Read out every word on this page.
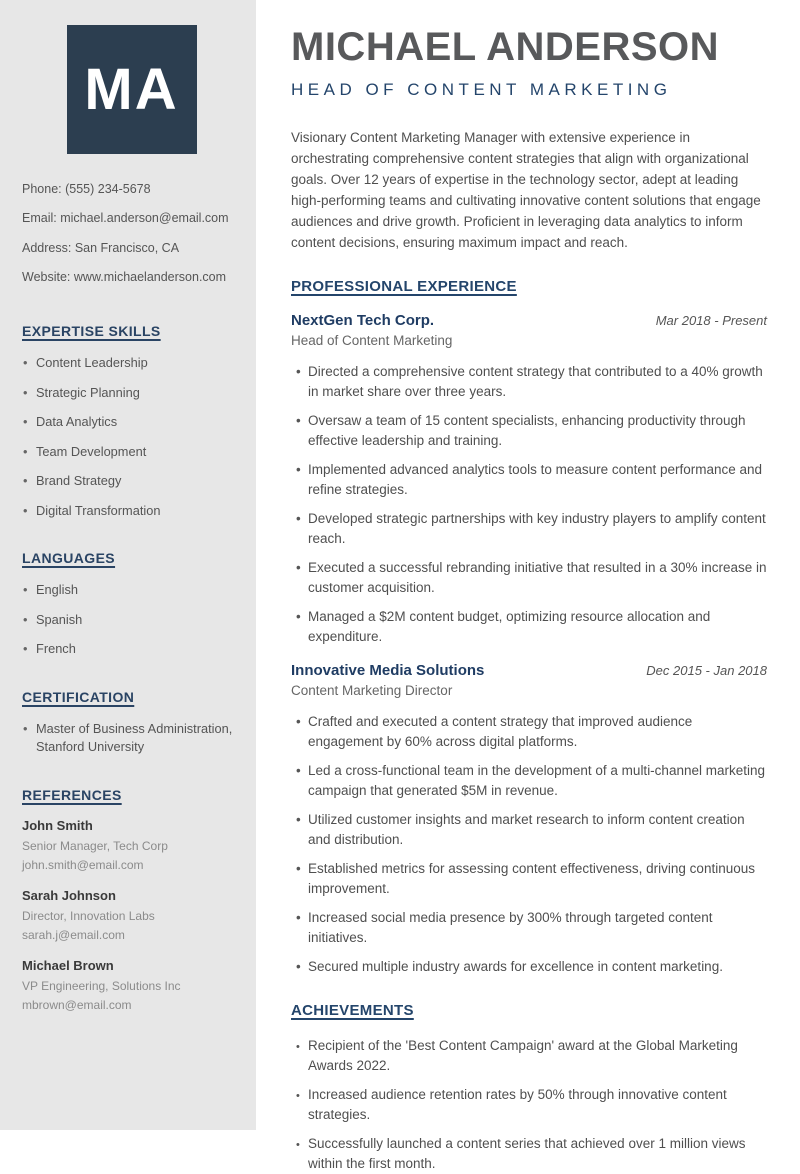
MA
Phone: (555) 234-5678
Email: michael.anderson@email.com
Address: San Francisco, CA
Website: www.michaelanderson.com
EXPERTISE SKILLS
• Content Leadership
• Strategic Planning
• Data Analytics
• Team Development
• Brand Strategy
• Digital Transformation
LANGUAGES
• English
• Spanish
• French
CERTIFICATION
• Master of Business Administration, Stanford University
REFERENCES

John Smith

Senior Manager, Tech Corp
john.smith@email.com

Sarah Johnson

Director, Innovation Labs
sarah.j@email.com

Michael Brown

VP Engineering, Solutions Inc
mbrown@email.com
MICHAEL ANDERSON
HEAD OF CONTENT MARKETING

Visionary Content Marketing Manager with extensive experience in orchestrating comprehensive content strategies that align with organizational goals. Over 12 years of expertise in the technology sector, adept at leading high-performing teams and cultivating innovative content solutions that engage audiences and drive growth. Proficient in leveraging data analytics to inform content decisions, ensuring maximum impact and reach.

PROFESSIONAL EXPERIENCE
NextGen Tech Corp.	Mar 2018 - Present

Head of Content Marketing

• Directed a comprehensive content strategy that contributed to a 40% growth in market share over three years.
• Oversaw a team of 15 content specialists, enhancing productivity through effective leadership and training.
• Implemented advanced analytics tools to measure content performance and refine strategies.
• Developed strategic partnerships with key industry players to amplify content reach.
• Executed a successful rebranding initiative that resulted in a 30% increase in customer acquisition.
• Managed a $2M content budget, optimizing resource allocation and expenditure.
Innovative Media Solutions	Dec 2015 - Jan 2018

Content Marketing Director

• Crafted and executed a content strategy that improved audience engagement by 60% across digital platforms.
• Led a cross-functional team in the development of a multi-channel marketing campaign that generated $5M in revenue.
• Utilized customer insights and market research to inform content creation and distribution.
• Established metrics for assessing content effectiveness, driving continuous improvement.
• Increased social media presence by 300% through targeted content initiatives.
• Secured multiple industry awards for excellence in content marketing.
ACHIEVEMENTS
• Recipient of the 'Best Content Campaign' award at the Global Marketing Awards 2022.
• Increased audience retention rates by 50% through innovative content strategies.
• Successfully launched a content series that achieved over 1 million views within the first month.
